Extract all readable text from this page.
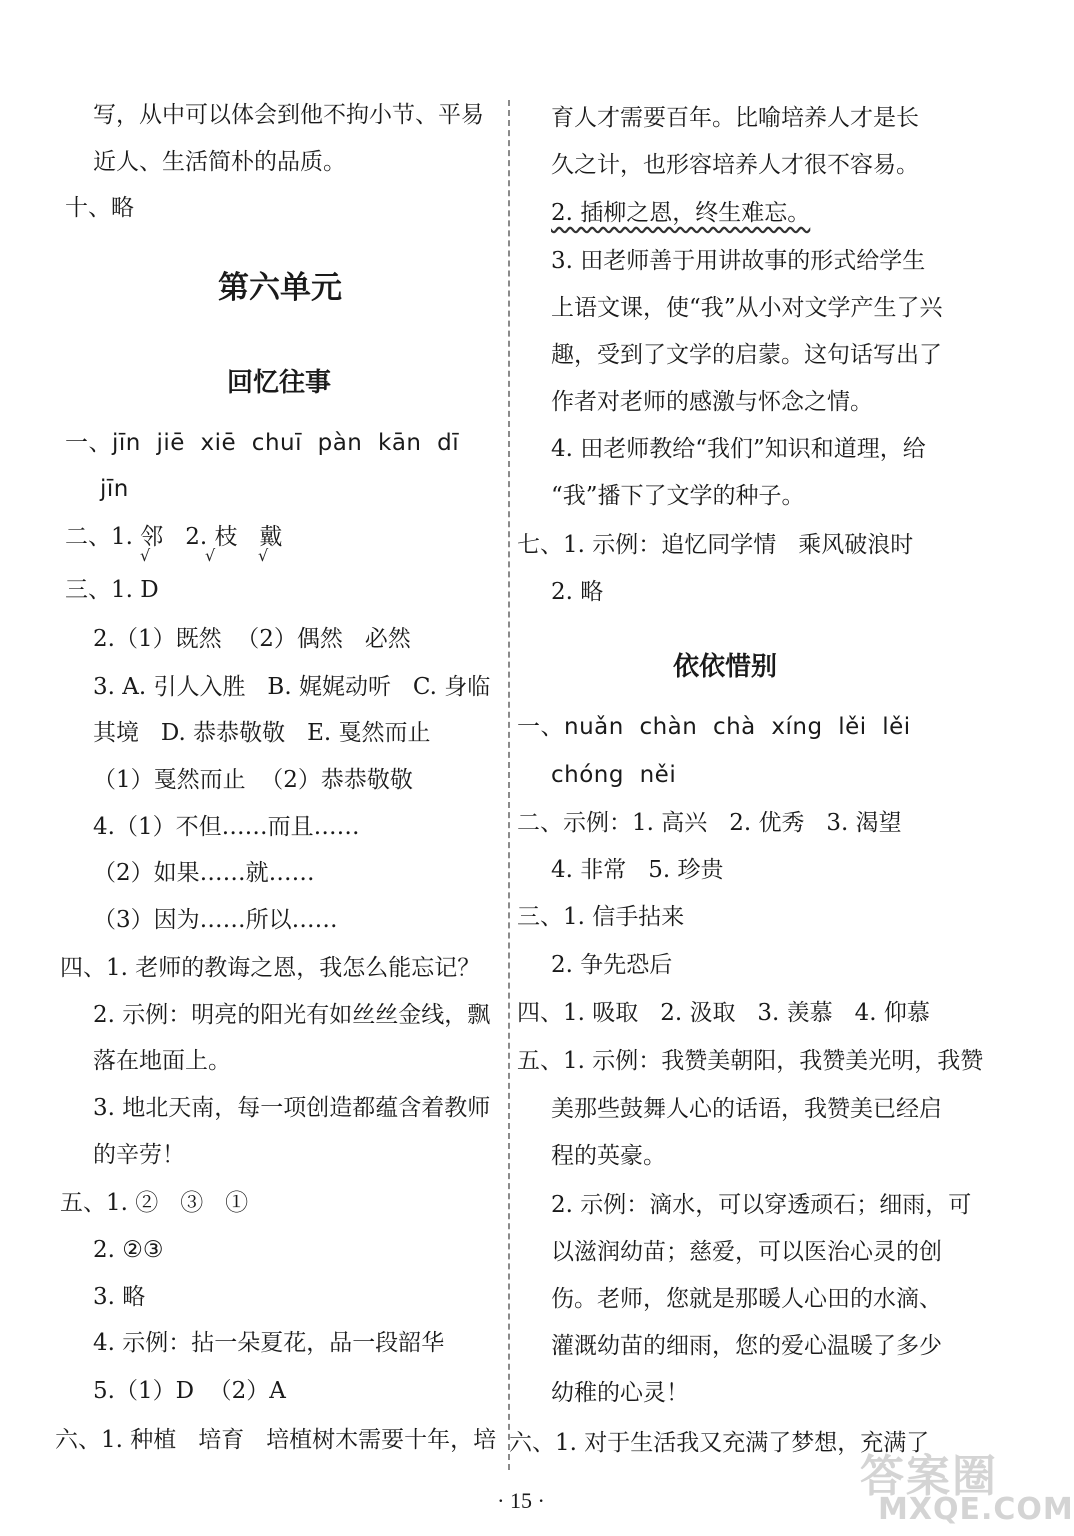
写，从中可以体会到他不拘小节、平易
近人、生活简朴的品质。
十、略
第六单元
回忆往事
一、jīn  jiē  xiē  chuī  pàn  kān  dī
jīn
二、1. 邻   2. 枝   戴
√	√	√
三、1. D
2.（1）既然  （2）偶然   必然
3. A. 引人入胜   B. 娓娓动听   C. 身临
其境   D. 恭恭敬敬   E. 戛然而止
（1）戛然而止  （2）恭恭敬敬
4.（1）不但……而且……
（2）如果……就……
（3）因为……所以……
四、1. 老师的教诲之恩，我怎么能忘记？
2. 示例：明亮的阳光有如丝丝金线，飘
落在地面上。
3. 地北天南，每一项创造都蕴含着教师
的辛劳！
五、1. ②   ③   ①
2. ②③
3. 略
4. 示例：拈一朵夏花，品一段韶华
5.（1）D  （2）A
六、1. 种植   培育   培植树木需要十年，培
育人才需要百年。比喻培养人才是长
久之计，也形容培养人才很不容易。
2. 插柳之恩，终生难忘。
3. 田老师善于用讲故事的形式给学生
上语文课，使“我”从小对文学产生了兴
趣，受到了文学的启蒙。这句话写出了
作者对老师的感激与怀念之情。
4. 田老师教给“我们”知识和道理，给
“我”播下了文学的种子。
七、1. 示例：追忆同学情   乘风破浪时
2. 略
依依惜别
一、nuǎn  chàn  chà  xíng  lěi  lěi
chóng  něi
二、示例：1. 高兴   2. 优秀   3. 渴望
4. 非常   5. 珍贵
三、1. 信手拈来
2. 争先恐后
四、1. 吸取   2. 汲取   3. 羡慕   4. 仰慕
五、1. 示例：我赞美朝阳，我赞美光明，我赞
美那些鼓舞人心的话语，我赞美已经启
程的英豪。
2. 示例：滴水，可以穿透顽石；细雨，可
以滋润幼苗；慈爱，可以医治心灵的创
伤。老师，您就是那暖人心田的水滴、
灌溉幼苗的细雨，您的爱心温暖了多少
幼稚的心灵！
六、1. 对于生活我又充满了梦想，充满了
· 15 ·	答案圈
MXQE.COM
